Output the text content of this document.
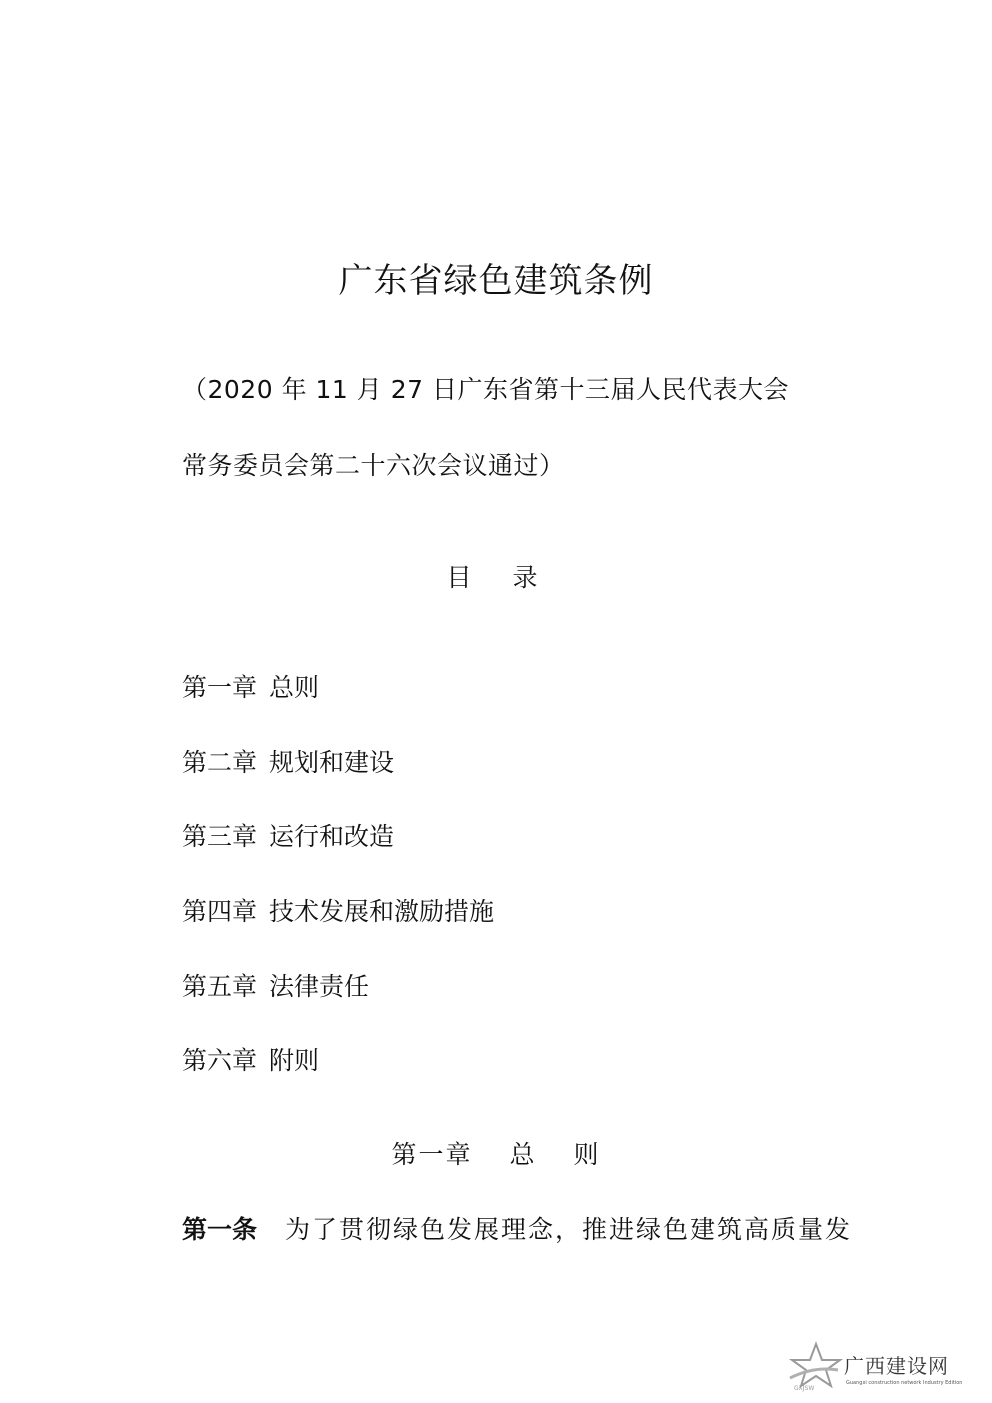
广东省绿色建筑条例
（2020 年 11 月 27 日广东省第十三届人民代表大会
常务委员会第二十六次会议通过）
目　录
第一章 总则
第二章 规划和建设
第三章 运行和改造
第四章 技术发展和激励措施
第五章 法律责任
第六章 附则
第一章　 总　 则
第一条 为了贯彻绿色发展理念，推进绿色建筑高质量发
GXJSW
广西建设网
Guangxi construction network Industry Edition
